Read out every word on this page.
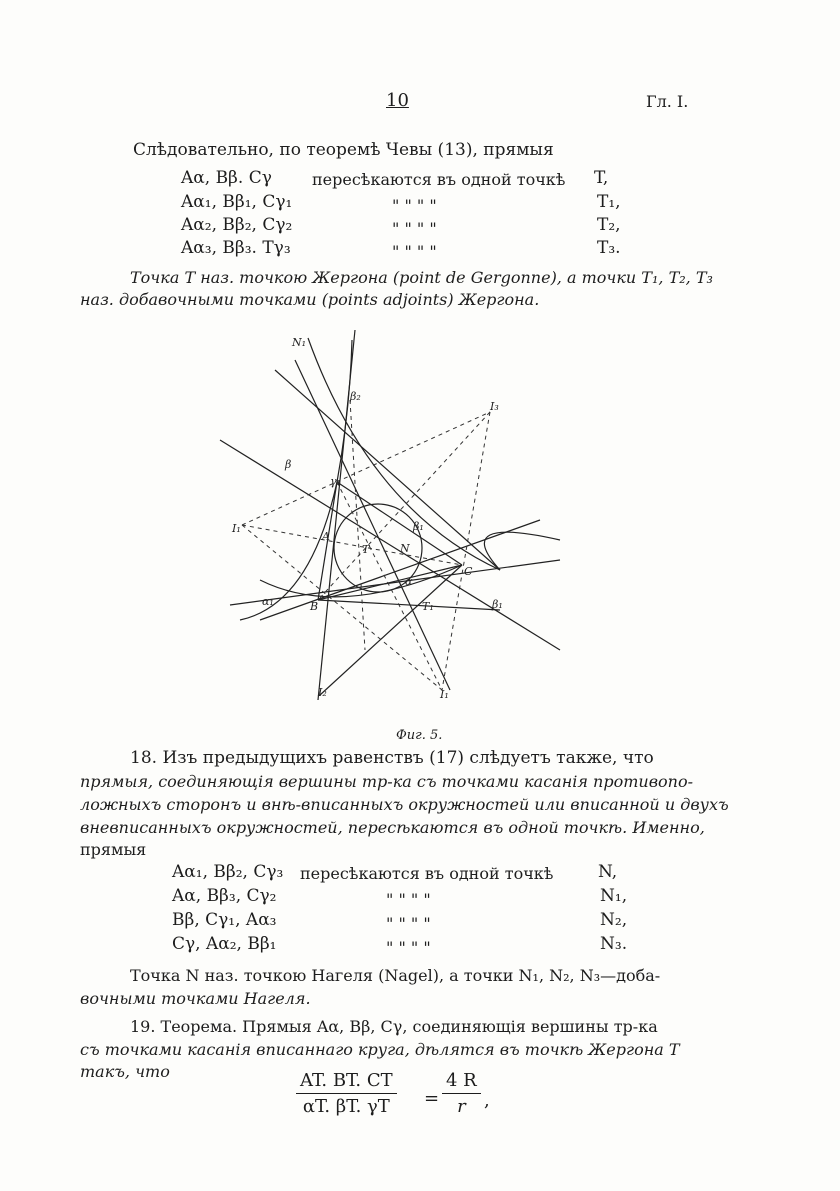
10	Гл. I.
Слѣдовательно, по теоремѣ Чевы (13), прямыя
Aα, Bβ. Cγ	пересѣкаются въ одной точкѣ T,
Aα₁, Bβ₁, Cγ₁	" " " "	T₁,
Aα₂, Bβ₂, Cγ₂	" " " "	T₂,
Aα₃, Bβ₃. Tγ₃	" " " "	T₃.
Точка T наз. точкою Жергона (point de Gergonne), а точки T₁, T₂, T₃
наз. добавочными точками (points adjoints) Жергона.
N₁
β₂
I₃
β
γ₁
I₁
A
β₁
N
T
C
α
α₁	B	T₁	β₁
I₂	I₁
Фиг. 5.
18. Изъ предыдущихъ равенствъ (17) слѣдуетъ также, что
прямыя, соединяющія вершины тр-ка съ точками касанія противопо-
ложныхъ сторонъ и внѣ-вписанныхъ окружностей или вписанной и двухъ
вневписанныхъ окружностей, пересѣкаются въ одной точкѣ. Именно,
прямыя
Aα₁, Bβ₂, Cγ₃ пересѣкаются въ одной точкѣ	N,
Aα, Bβ₃, Cγ₂	" " " "	N₁,
Bβ, Cγ₁, Aα₃	" " " "	N₂,
Cγ, Aα₂, Bβ₁	" " " "	N₃.
Точка N наз. точкою Нагеля (Nagel), а точки N₁, N₂, N₃—добa-
вочными точками Нагеля.
19. Теорема. Прямыя Aα, Bβ, Cγ, соединяющія вершины тр-ка
съ точками касанія вписаннаго круга, дѣлятся въ точкѣ Жергона T
такъ, что	$\frac{AT. BT. CT}{\alpha T. \beta T. \gamma T} = \frac{4 R}{r}$ ,
